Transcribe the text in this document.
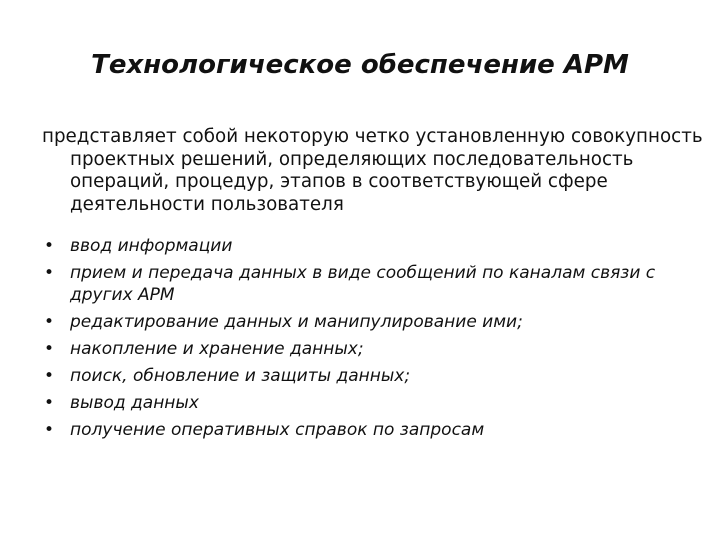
Технологическое обеспечение АРМ
представляет собой некоторую четко установленную совокупность проектных решений, определяющих последовательность операций, процедур, этапов в соответствующей сфере деятельности пользователя
• ввод информации
• прием и передача данных в виде сообщений по каналам связи с других АРМ
• редактирование данных и манипулирование ими;
• накопление и хранение данных;
• поиск, обновление и защиты данных;
• вывод данных
• получение оперативных справок по запросам
